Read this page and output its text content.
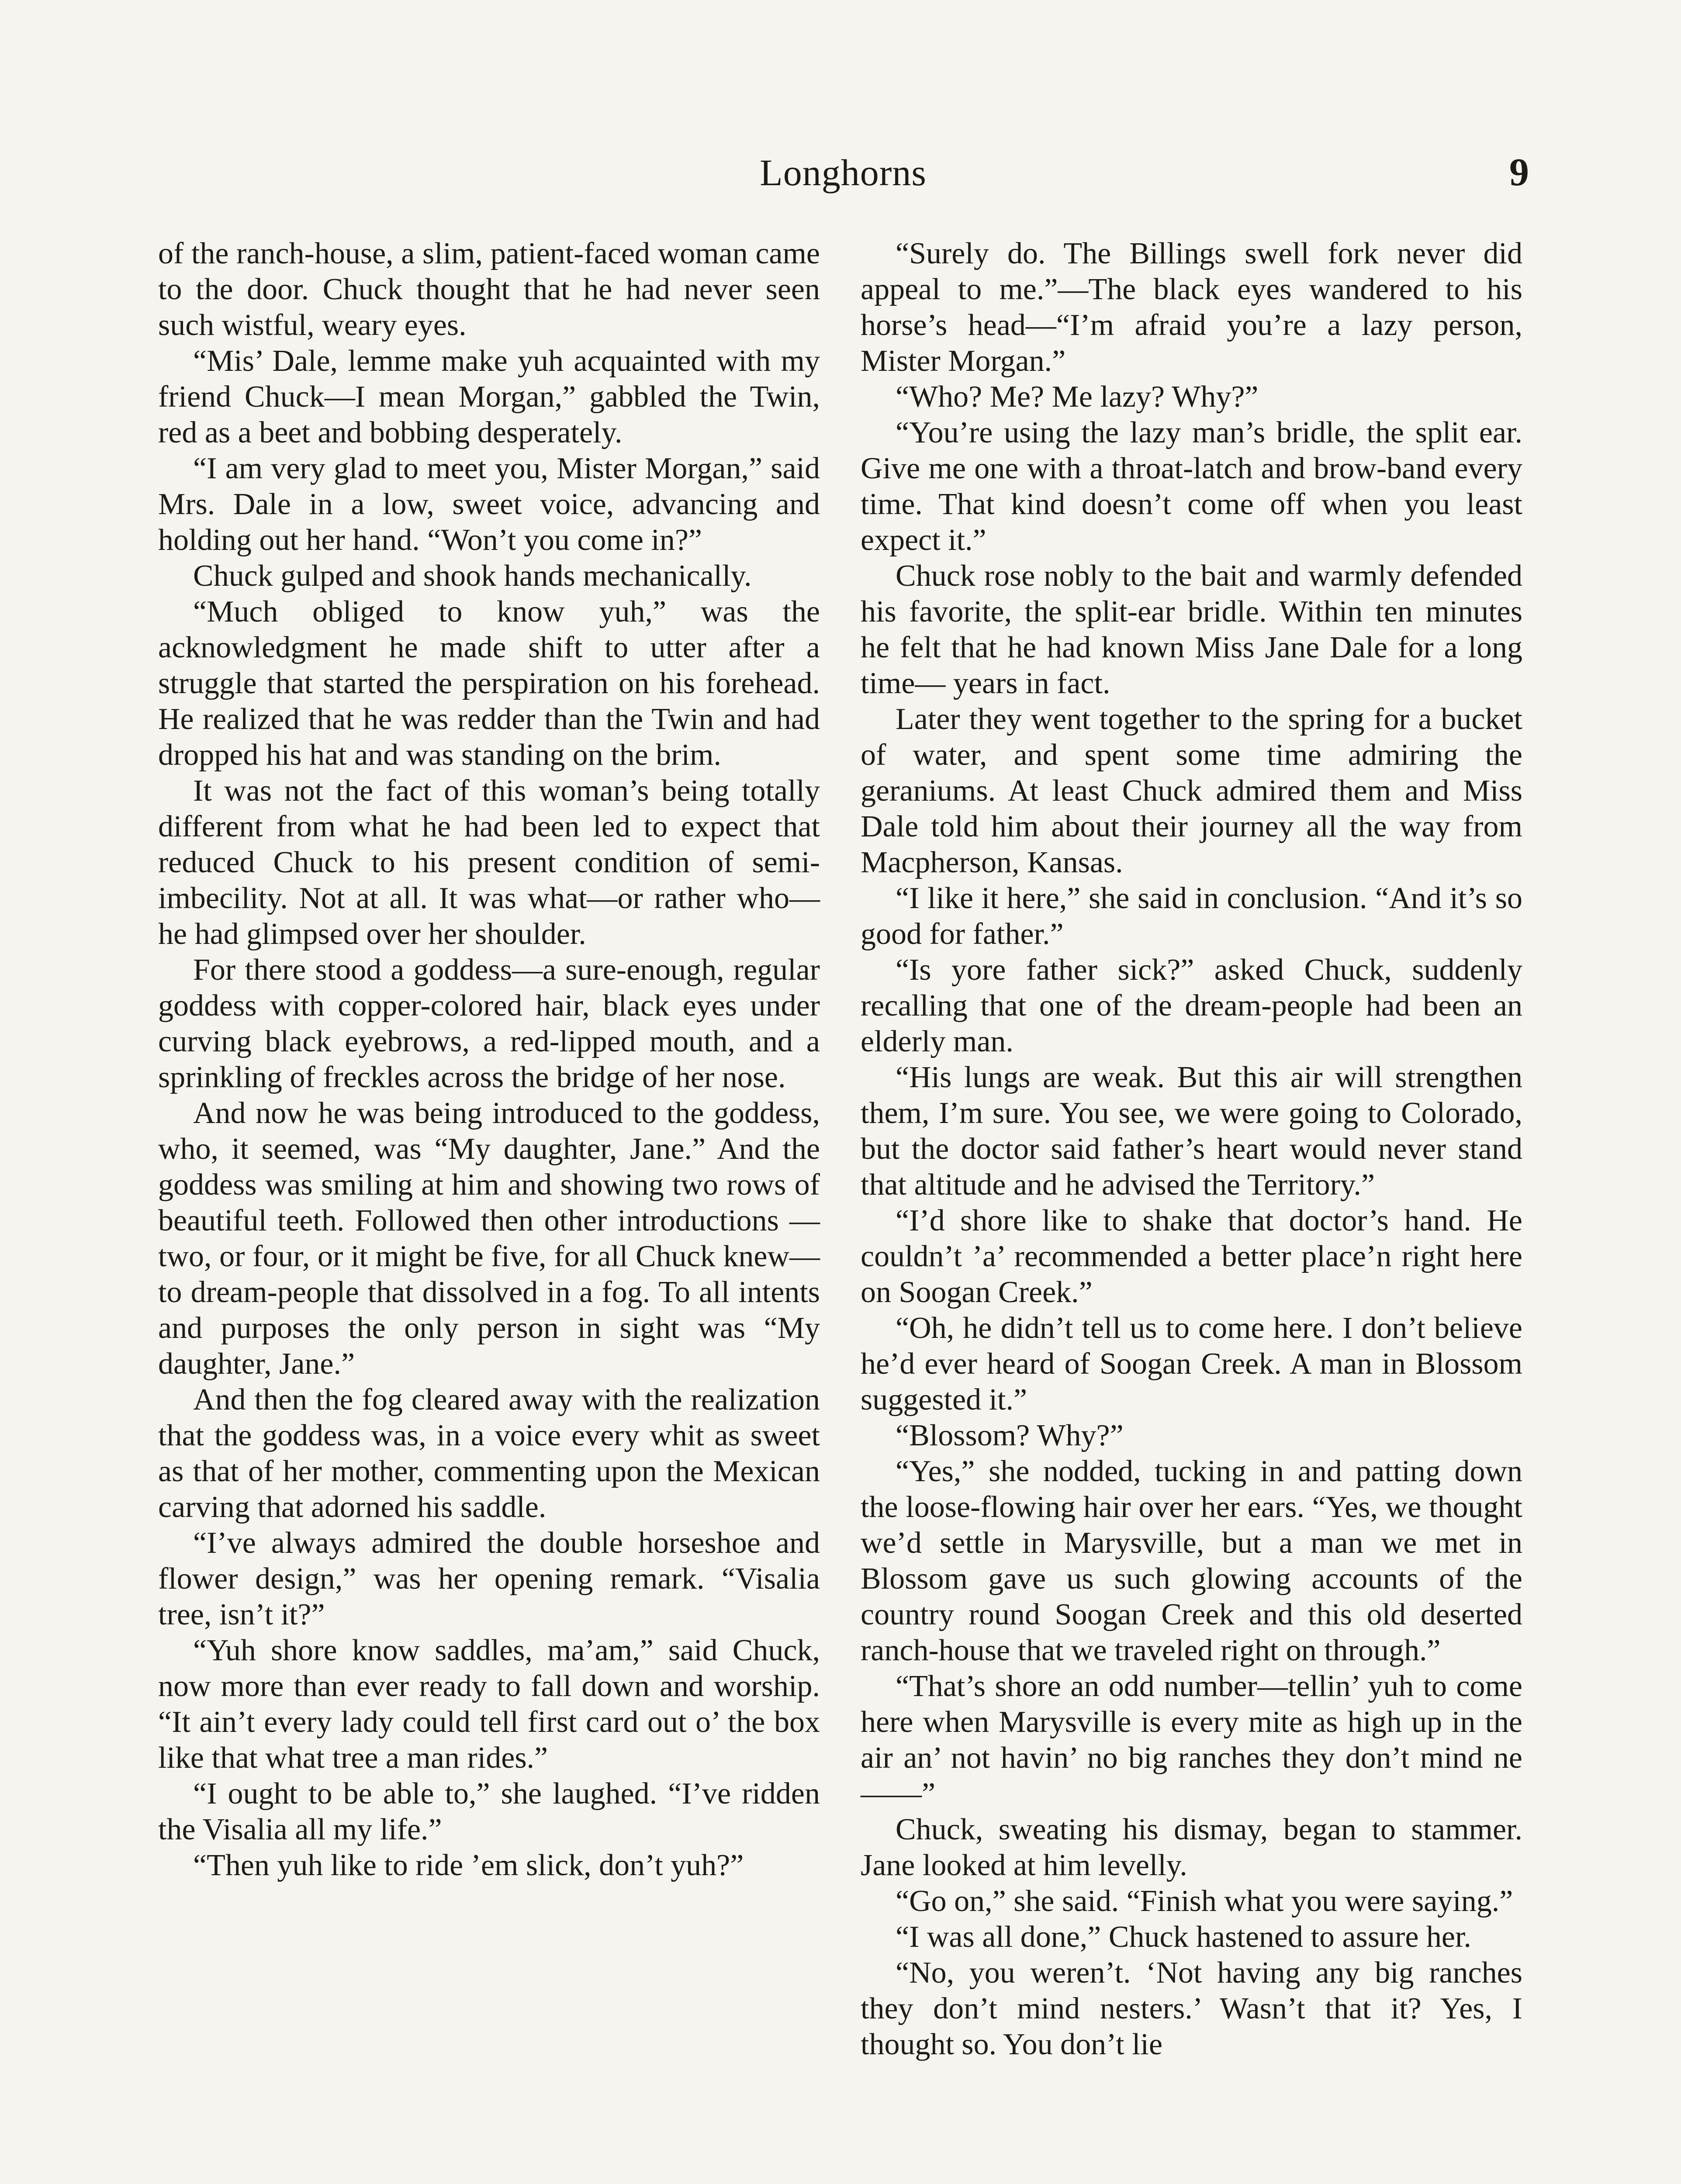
Longhorns	9

of the ranch-house, a slim, patient-faced woman came to the door. Chuck thought that he had never seen such wistful, weary eyes.

“Mis’ Dale, lemme make yuh acquainted with my friend Chuck—I mean Morgan,” gabbled the Twin, red as a beet and bobbing desperately.

“I am very glad to meet you, Mister Morgan,” said Mrs. Dale in a low, sweet voice, advancing and holding out her hand. “Won’t you come in?”

Chuck gulped and shook hands mechanically.

“Much obliged to know yuh,” was the acknowledgment he made shift to utter after a struggle that started the perspiration on his forehead. He realized that he was redder than the Twin and had dropped his hat and was standing on the brim.

It was not the fact of this woman’s being totally different from what he had been led to expect that reduced Chuck to his present condition of semi-imbecility. Not at all. It was what—or rather who—he had glimpsed over her shoulder.

For there stood a goddess—a sure-enough, regular goddess with copper-colored hair, black eyes under curving black eyebrows, a red-lipped mouth, and a sprinkling of freckles across the bridge of her nose.

And now he was being introduced to the goddess, who, it seemed, was “My daughter, Jane.” And the goddess was smiling at him and showing two rows of beautiful teeth. Followed then other introductions —two, or four, or it might be five, for all Chuck knew—to dream-people that dissolved in a fog. To all intents and purposes the only person in sight was “My daughter, Jane.”

And then the fog cleared away with the realization that the goddess was, in a voice every whit as sweet as that of her mother, commenting upon the Mexican carving that adorned his saddle.

“I’ve always admired the double horseshoe and flower design,” was her opening remark. “Visalia tree, isn’t it?”

“Yuh shore know saddles, ma’am,” said Chuck, now more than ever ready to fall down and worship. “It ain’t every lady could tell first card out o’ the box like that what tree a man rides.”

“I ought to be able to,” she laughed. “I’ve ridden the Visalia all my life.”

“Then yuh like to ride ’em slick, don’t yuh?”

“Surely do. The Billings swell fork never did appeal to me.”—The black eyes wandered to his horse’s head—“I’m afraid you’re a lazy person, Mister Morgan.”

“Who? Me? Me lazy? Why?”

“You’re using the lazy man’s bridle, the split ear. Give me one with a throat-latch and brow-band every time. That kind doesn’t come off when you least expect it.”

Chuck rose nobly to the bait and warmly defended his favorite, the split-ear bridle. Within ten minutes he felt that he had known Miss Jane Dale for a long time— years in fact.

Later they went together to the spring for a bucket of water, and spent some time admiring the geraniums. At least Chuck admired them and Miss Dale told him about their journey all the way from Macpherson, Kansas.

“I like it here,” she said in conclusion. “And it’s so good for father.”

“Is yore father sick?” asked Chuck, suddenly recalling that one of the dream-people had been an elderly man.

“His lungs are weak. But this air will strengthen them, I’m sure. You see, we were going to Colorado, but the doctor said father’s heart would never stand that altitude and he advised the Territory.”

“I’d shore like to shake that doctor’s hand. He couldn’t ’a’ recommended a better place’n right here on Soogan Creek.”

“Oh, he didn’t tell us to come here. I don’t believe he’d ever heard of Soogan Creek. A man in Blossom suggested it.”

“Blossom? Why?”

“Yes,” she nodded, tucking in and patting down the loose-flowing hair over her ears. “Yes, we thought we’d settle in Marysville, but a man we met in Blossom gave us such glowing accounts of the country round Soogan Creek and this old deserted ranch-house that we traveled right on through.”

“That’s shore an odd number—tellin’ yuh to come here when Marysville is every mite as high up in the air an’ not havin’ no big ranches they don’t mind ne——”

Chuck, sweating his dismay, began to stammer. Jane looked at him levelly.

“Go on,” she said. “Finish what you were saying.”

“I was all done,” Chuck hastened to assure her.

“No, you weren’t. ‘Not having any big ranches they don’t mind nesters.’ Wasn’t that it? Yes, I thought so. You don’t lie
